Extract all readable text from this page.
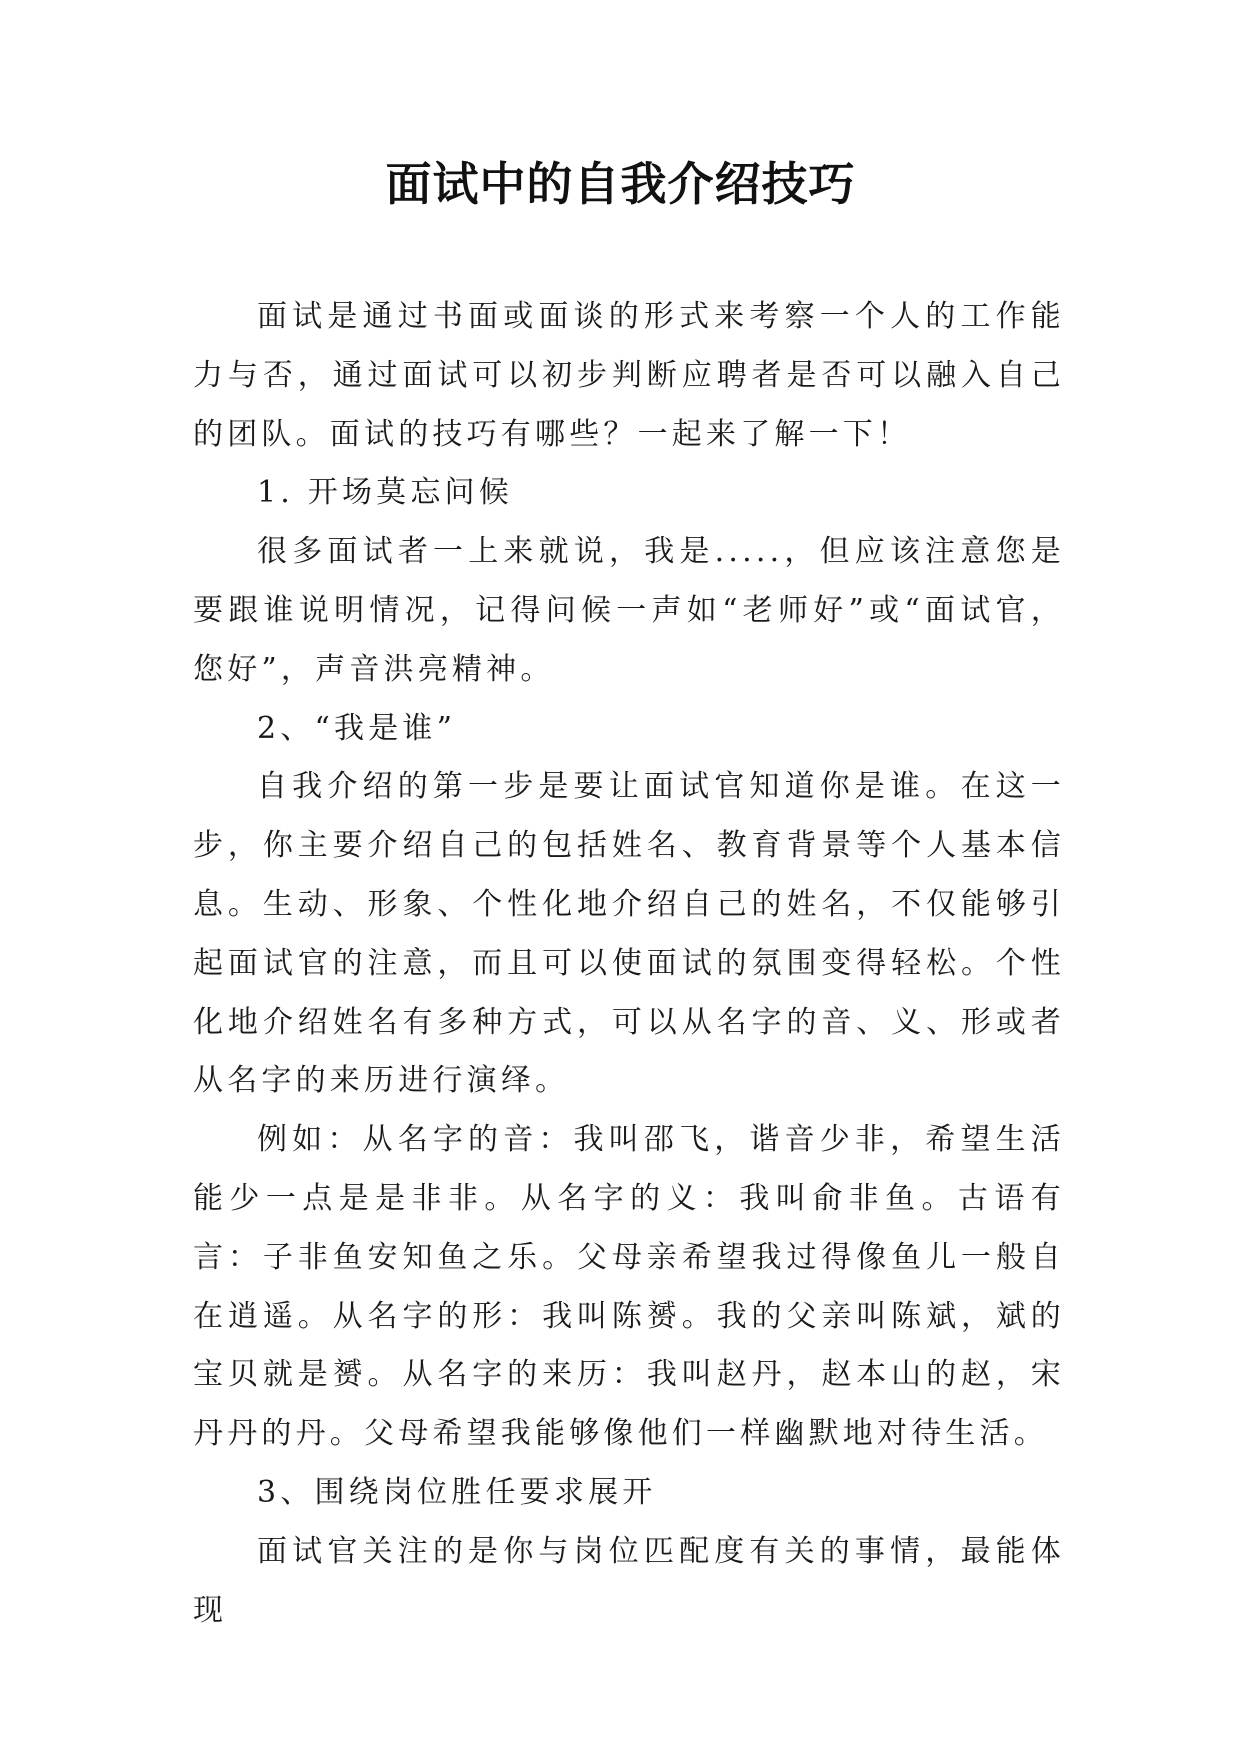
面试中的自我介绍技巧

面试是通过书面或面谈的形式来考察一个人的工作能力与否，通过面试可以初步判断应聘者是否可以融入自己的团队。面试的技巧有哪些？一起来了解一下！

1. 开场莫忘问候

很多面试者一上来就说，我是.....，但应该注意您是要跟谁说明情况，记得问候一声如“老师好”或“面试官，您好”，声音洪亮精神。

2、“我是谁”

自我介绍的第一步是要让面试官知道你是谁。在这一步，你主要介绍自己的包括姓名、教育背景等个人基本信息。生动、形象、个性化地介绍自己的姓名，不仅能够引起面试官的注意，而且可以使面试的氛围变得轻松。个性化地介绍姓名有多种方式，可以从名字的音、义、形或者从名字的来历进行演绎。

例如：从名字的音：我叫邵飞，谐音少非，希望生活能少一点是是非非。从名字的义：我叫俞非鱼。古语有言：子非鱼安知鱼之乐。父母亲希望我过得像鱼儿一般自在逍遥。从名字的形：我叫陈赟。我的父亲叫陈斌，斌的宝贝就是赟。从名字的来历：我叫赵丹，赵本山的赵，宋丹丹的丹。父母希望我能够像他们一样幽默地对待生活。

3、围绕岗位胜任要求展开

面试官关注的是你与岗位匹配度有关的事情，最能体现
